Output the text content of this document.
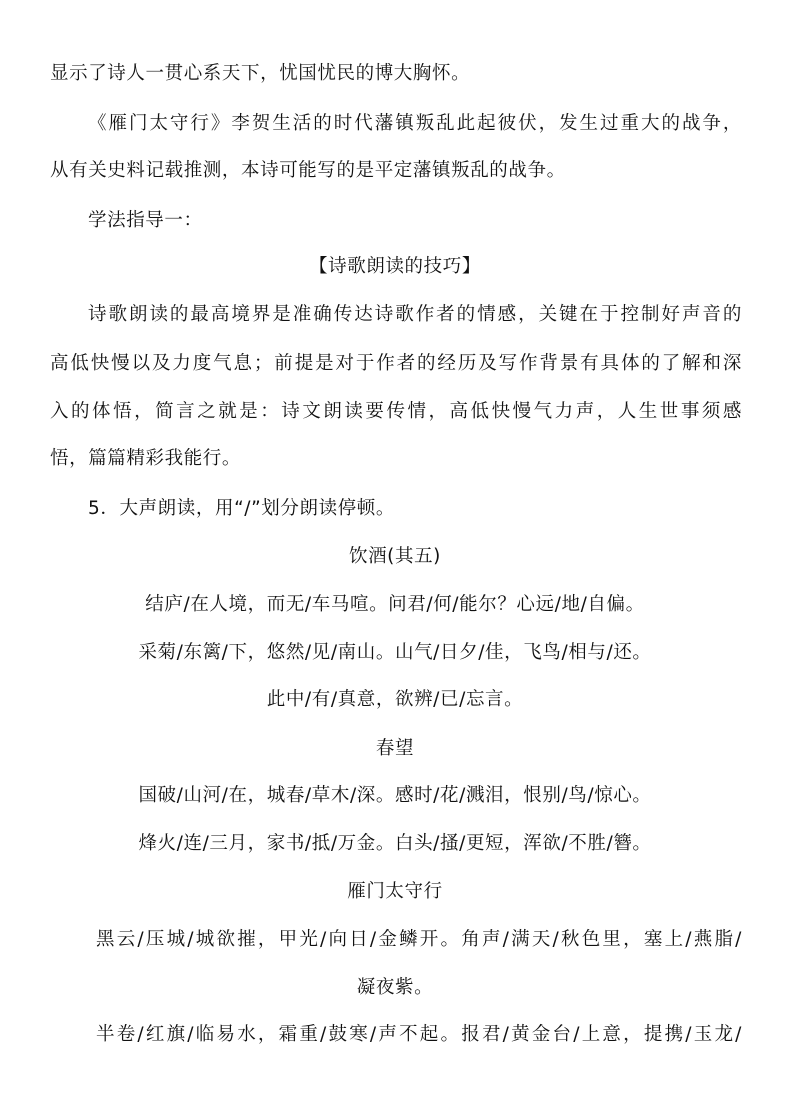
显示了诗人一贯心系天下，忧国忧民的博大胸怀。
《雁门太守行》李贺生活的时代藩镇叛乱此起彼伏，发生过重大的战争，
从有关史料记载推测，本诗可能写的是平定藩镇叛乱的战争。
学法指导一：
【诗歌朗读的技巧】
诗歌朗读的最高境界是准确传达诗歌作者的情感，关键在于控制好声音的
高低快慢以及力度气息；前提是对于作者的经历及写作背景有具体的了解和深
入的体悟，简言之就是：诗文朗读要传情，高低快慢气力声，人生世事须感
悟，篇篇精彩我能行。
5．大声朗读，用“/”划分朗读停顿。
饮酒(其五)
结庐/在人境，而无/车马喧。问君/何/能尔？心远/地/自偏。
采菊/东篱/下，悠然/见/南山。山气/日夕/佳，飞鸟/相与/还。
此中/有/真意，欲辨/已/忘言。
春望
国破/山河/在，城春/草木/深。感时/花/溅泪，恨别/鸟/惊心。
烽火/连/三月，家书/抵/万金。白头/搔/更短，浑欲/不胜/簪。
雁门太守行
黑云/压城/城欲摧，甲光/向日/金鳞开。角声/满天/秋色里，塞上/燕脂/
凝夜紫。
半卷/红旗/临易水，霜重/鼓寒/声不起。报君/黄金台/上意，提携/玉龙/
